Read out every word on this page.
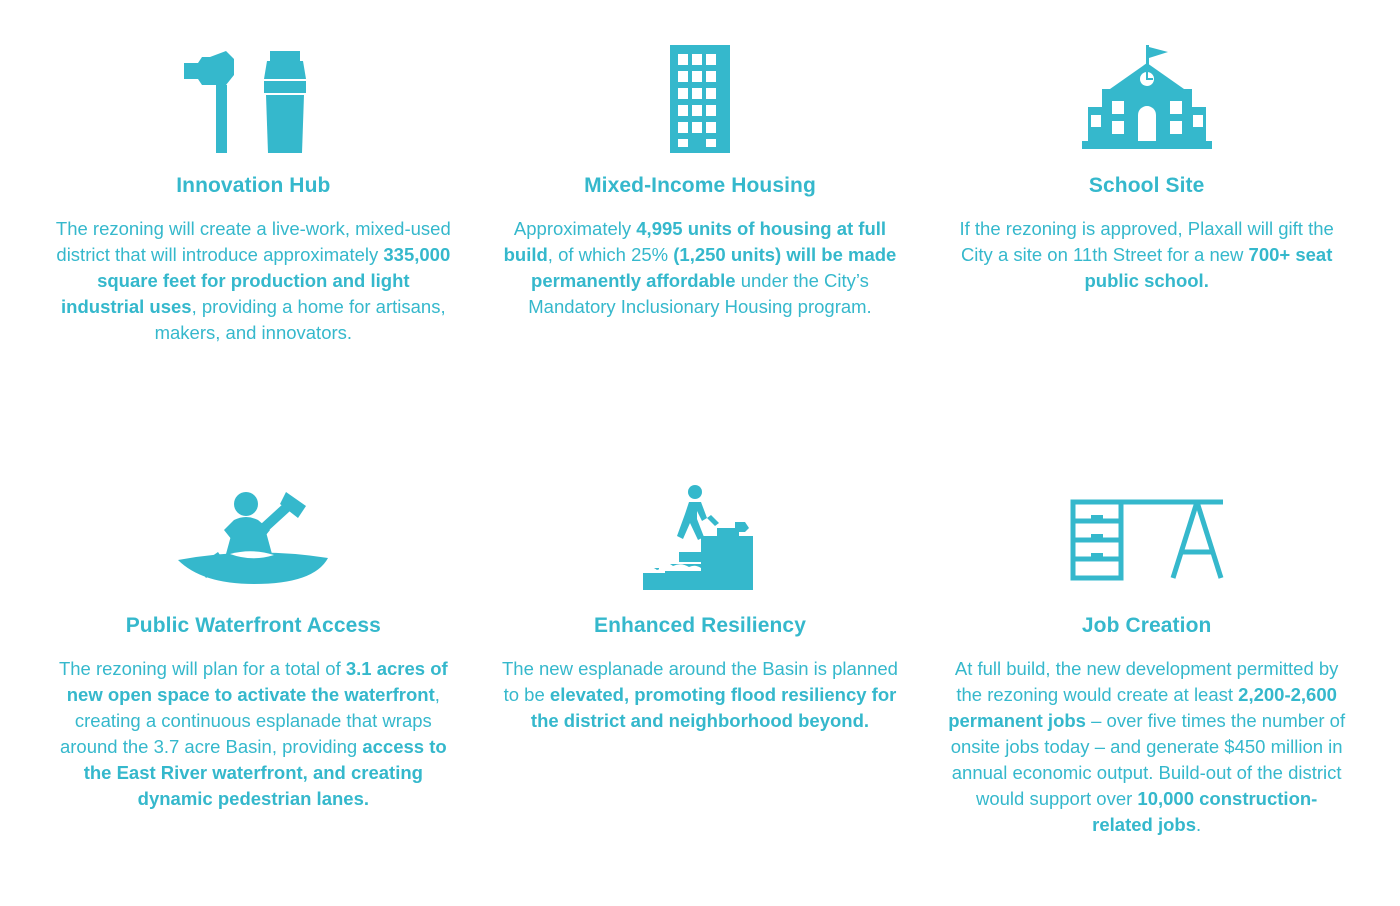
Innovation Hub
The rezoning will create a live-work, mixed-used district that will introduce approximately 335,000 square feet for production and light industrial uses, providing a home for artisans, makers, and innovators.
Mixed-Income Housing
Approximately 4,995 units of housing at full build, of which 25% (1,250 units) will be made permanently affordable under the City’s Mandatory Inclusionary Housing program.
School Site
If the rezoning is approved, Plaxall will gift the City a site on 11th Street for a new 700+ seat public school.
Public Waterfront Access
The rezoning will plan for a total of 3.1 acres of new open space to activate the waterfront, creating a continuous esplanade that wraps around the 3.7 acre Basin, providing access to the East River waterfront, and creating dynamic pedestrian lanes.
Enhanced Resiliency
The new esplanade around the Basin is planned to be elevated, promoting flood resiliency for the district and neighborhood beyond.
Job Creation
At full build, the new development permitted by the rezoning would create at least 2,200-2,600 permanent jobs – over five times the number of onsite jobs today – and generate $450 million in annual economic output. Build-out of the district would support over 10,000 construction-related jobs.
